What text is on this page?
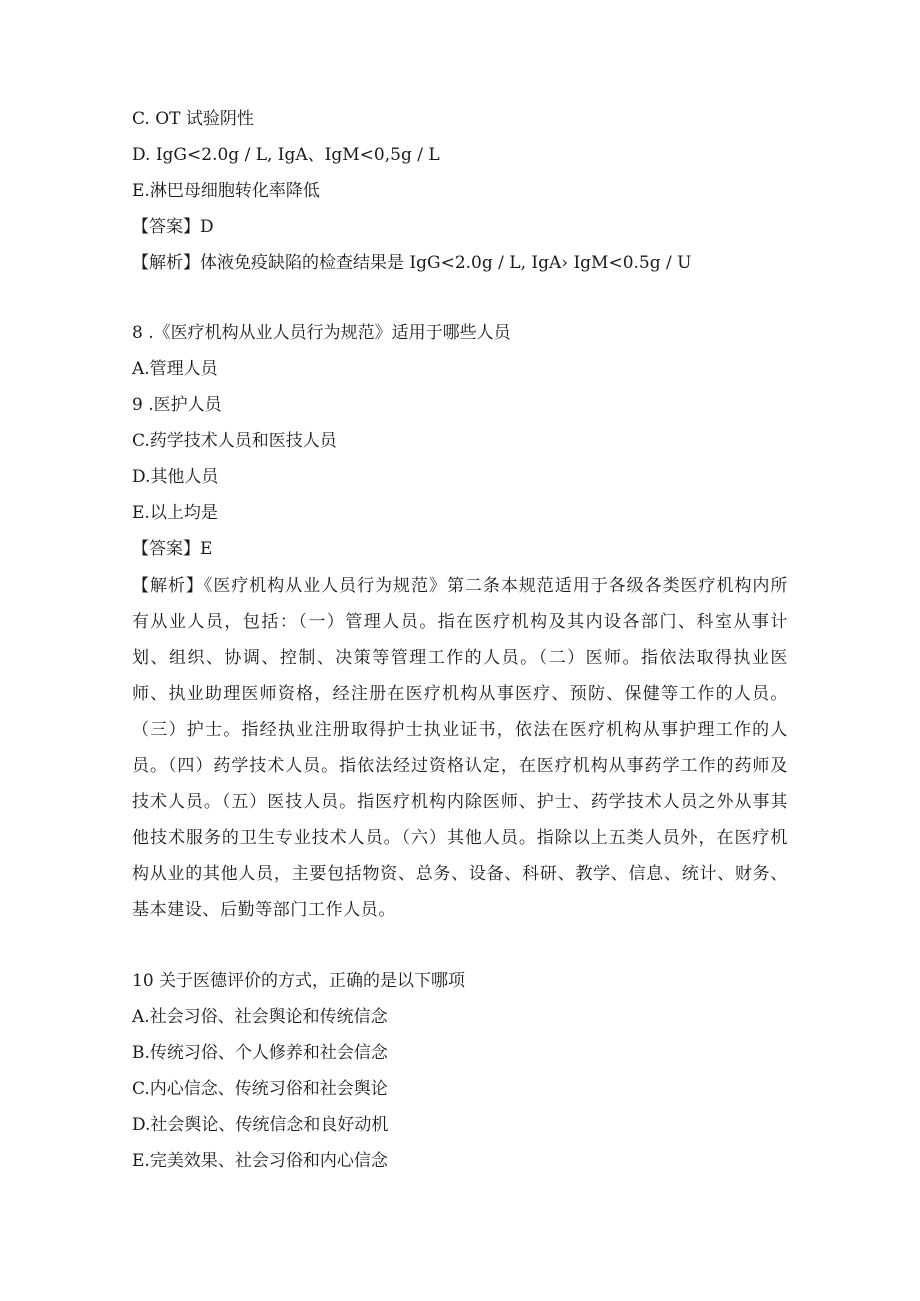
C. OT 试验阴性
D. IgG<2.0g / L, IgA、IgM<0,5g / L
E.淋巴母细胞转化率降低
【答案】D
【解析】体液免疫缺陷的检查结果是 IgG<2.0g / L, IgA› IgM<0.5g / U
8 .《医疗机构从业人员行为规范》适用于哪些人员
A.管理人员
9 .医护人员
C.药学技术人员和医技人员
D.其他人员
E.以上均是
【答案】E
【解析】《医疗机构从业人员行为规范》第二条本规范适用于各级各类医疗机构内所有从业人员，包括：（一）管理人员。指在医疗机构及其内设各部门、科室从事计划、组织、协调、控制、决策等管理工作的人员。（二）医师。指依法取得执业医师、执业助理医师资格，经注册在医疗机构从事医疗、预防、保健等工作的人员。（三）护士。指经执业注册取得护士执业证书，依法在医疗机构从事护理工作的人员。（四）药学技术人员。指依法经过资格认定，在医疗机构从事药学工作的药师及技术人员。（五）医技人员。指医疗机构内除医师、护士、药学技术人员之外从事其他技术服务的卫生专业技术人员。（六）其他人员。指除以上五类人员外，在医疗机构从业的其他人员，主要包括物资、总务、设备、科研、教学、信息、统计、财务、基本建设、后勤等部门工作人员。
10 关于医德评价的方式，正确的是以下哪项
A.社会习俗、社会舆论和传统信念
B.传统习俗、个人修养和社会信念
C.内心信念、传统习俗和社会舆论
D.社会舆论、传统信念和良好动机
E.完美效果、社会习俗和内心信念
